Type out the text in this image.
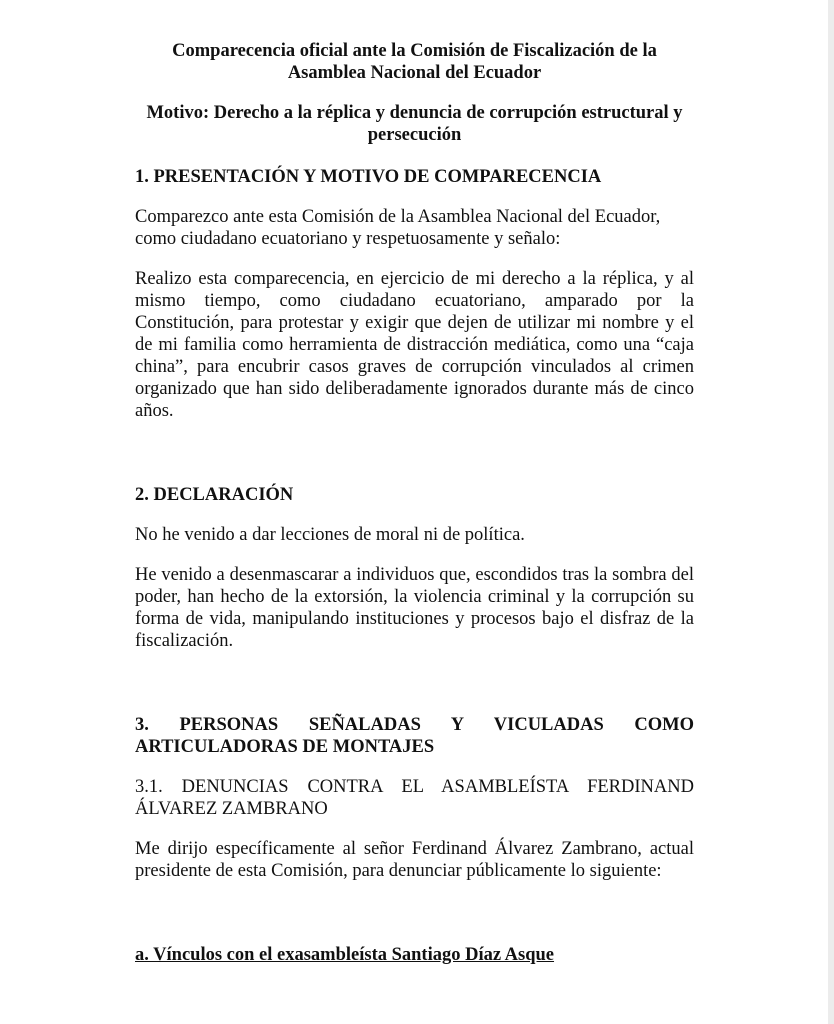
Comparecencia oficial ante la Comisión de Fiscalización de la Asamblea Nacional del Ecuador

Motivo: Derecho a la réplica y denuncia de corrupción estructural y persecución

1. PRESENTACIÓN Y MOTIVO DE COMPARECENCIA

Comparezco ante esta Comisión de la Asamblea Nacional del Ecuador, como ciudadano ecuatoriano y respetuosamente y señalo:

Realizo esta comparecencia, en ejercicio de mi derecho a la réplica, y al mismo tiempo, como ciudadano ecuatoriano, amparado por la Constitución, para protestar y exigir que dejen de utilizar mi nombre y el de mi familia como herramienta de distracción mediática, como una “caja china”, para encubrir casos graves de corrupción vinculados al crimen organizado que han sido deliberadamente ignorados durante más de cinco años.

2. DECLARACIÓN

No he venido a dar lecciones de moral ni de política.

He venido a desenmascarar a individuos que, escondidos tras la sombra del poder, han hecho de la extorsión, la violencia criminal y la corrupción su forma de vida, manipulando instituciones y procesos bajo el disfraz de la fiscalización.

3. PERSONAS SEÑALADAS Y VICULADAS COMO
ARTICULADORAS DE MONTAJES

3.1. DENUNCIAS CONTRA EL ASAMBLEÍSTA FERDINAND
ÁLVAREZ ZAMBRANO

Me dirijo específicamente al señor Ferdinand Álvarez Zambrano, actual presidente de esta Comisión, para denunciar públicamente lo siguiente:

a. Vínculos con el exasambleísta Santiago Díaz Asque
